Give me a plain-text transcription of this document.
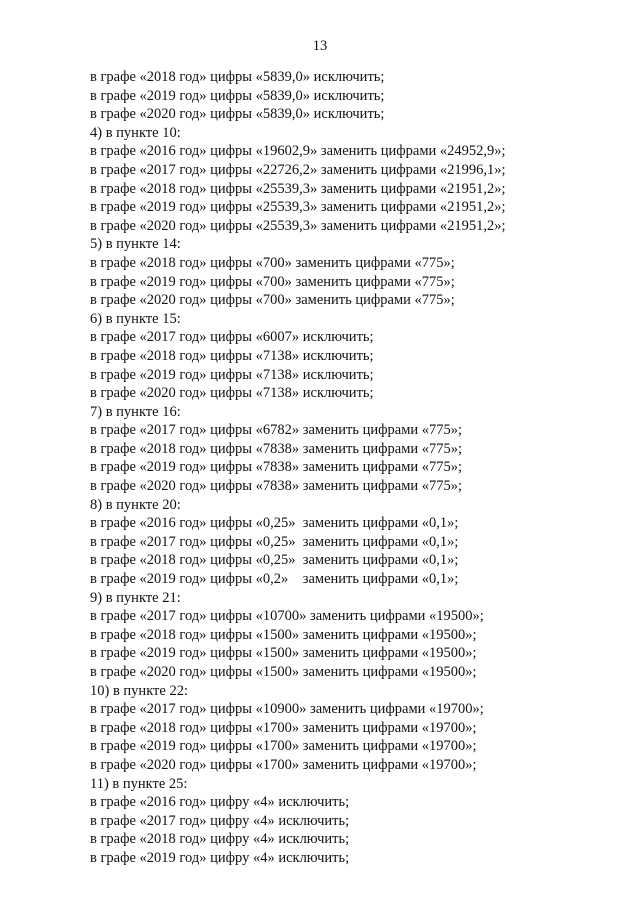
13
в графе «2018 год» цифры «5839,0» исключить;
в графе «2019 год» цифры «5839,0» исключить;
в графе «2020 год» цифры «5839,0» исключить;
4) в пункте 10:
в графе «2016 год» цифры «19602,9» заменить цифрами «24952,9»;
в графе «2017 год» цифры «22726,2» заменить цифрами «21996,1»;
в графе «2018 год» цифры «25539,3» заменить цифрами «21951,2»;
в графе «2019 год» цифры «25539,3» заменить цифрами «21951,2»;
в графе «2020 год» цифры «25539,3» заменить цифрами «21951,2»;
5) в пункте 14:
в графе «2018 год» цифры «700» заменить цифрами «775»;
в графе «2019 год» цифры «700» заменить цифрами «775»;
в графе «2020 год» цифры «700» заменить цифрами «775»;
6) в пункте 15:
в графе «2017 год» цифры «6007» исключить;
в графе «2018 год» цифры «7138» исключить;
в графе «2019 год» цифры «7138» исключить;
в графе «2020 год» цифры «7138» исключить;
7) в пункте 16:
в графе «2017 год» цифры «6782» заменить цифрами «775»;
в графе «2018 год» цифры «7838» заменить цифрами «775»;
в графе «2019 год» цифры «7838» заменить цифрами «775»;
в графе «2020 год» цифры «7838» заменить цифрами «775»;
8) в пункте 20:
в графе «2016 год» цифры «0,25»  заменить цифрами «0,1»;
в графе «2017 год» цифры «0,25»  заменить цифрами «0,1»;
в графе «2018 год» цифры «0,25»  заменить цифрами «0,1»;
в графе «2019 год» цифры «0,2»    заменить цифрами «0,1»;
9) в пункте 21:
в графе «2017 год» цифры «10700» заменить цифрами «19500»;
в графе «2018 год» цифры «1500» заменить цифрами «19500»;
в графе «2019 год» цифры «1500» заменить цифрами «19500»;
в графе «2020 год» цифры «1500» заменить цифрами «19500»;
10) в пункте 22:
в графе «2017 год» цифры «10900» заменить цифрами «19700»;
в графе «2018 год» цифры «1700» заменить цифрами «19700»;
в графе «2019 год» цифры «1700» заменить цифрами «19700»;
в графе «2020 год» цифры «1700» заменить цифрами «19700»;
11) в пункте 25:
в графе «2016 год» цифру «4» исключить;
в графе «2017 год» цифру «4» исключить;
в графе «2018 год» цифру «4» исключить;
в графе «2019 год» цифру «4» исключить;
